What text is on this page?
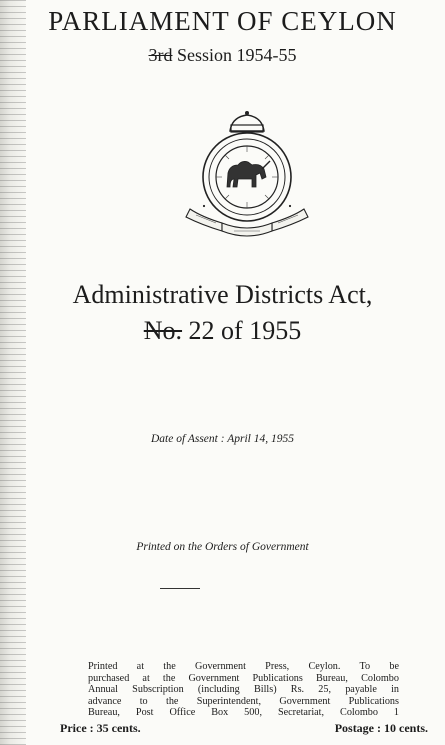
PARLIAMENT OF CEYLON
3rd Session 1954-55
Administrative Districts Act,
No. 22 of 1955
Date of Assent : April 14, 1955
Printed on the Orders of Government
Printed at the Government Press, Ceylon. To be
purchased at the Government Publications Bureau, Colombo
Annual Subscription (including Bills) Rs. 25, payable in
advance to the Superintendent, Government Publications
Bureau, Post Office Box 500, Secretariat, Colombo 1
Price : 35 cents.	Postage : 10 cents.
